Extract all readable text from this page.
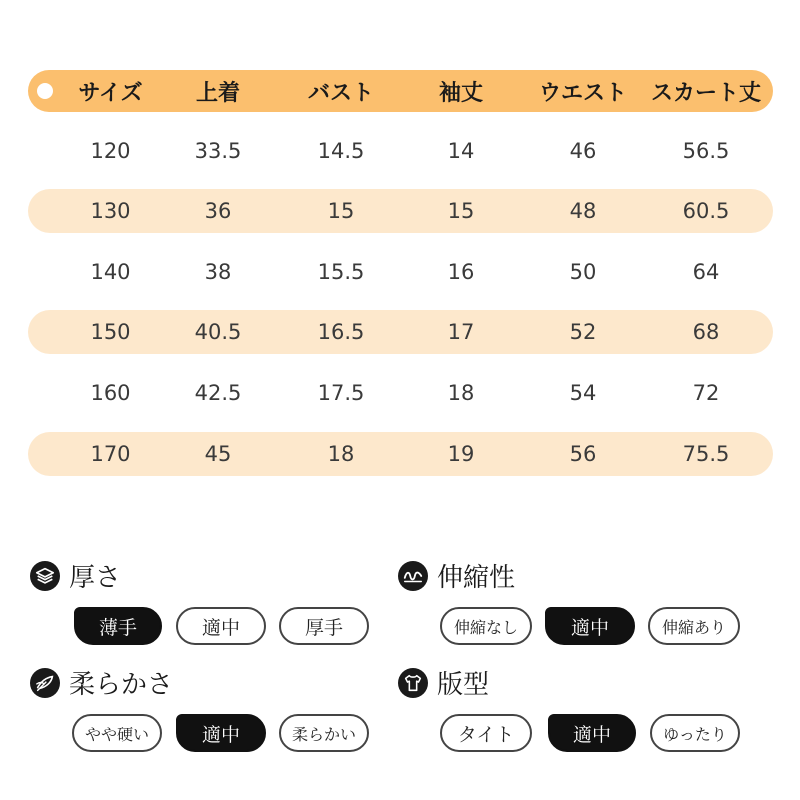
サイズ	上着	バスト	袖丈	ウエスト	スカート丈
120	33.5	14.5	14	46	56.5
130	36	15	15	48	60.5
140	38	15.5	16	50	64
150	40.5	16.5	17	52	68
160	42.5	17.5	18	54	72
170	45	18	19	56	75.5
厚さ
薄手	適中	厚手
伸縮性
伸縮なし	適中	伸縮あり
柔らかさ
やや硬い	適中	柔らかい
版型
タイト	適中	ゆったり
